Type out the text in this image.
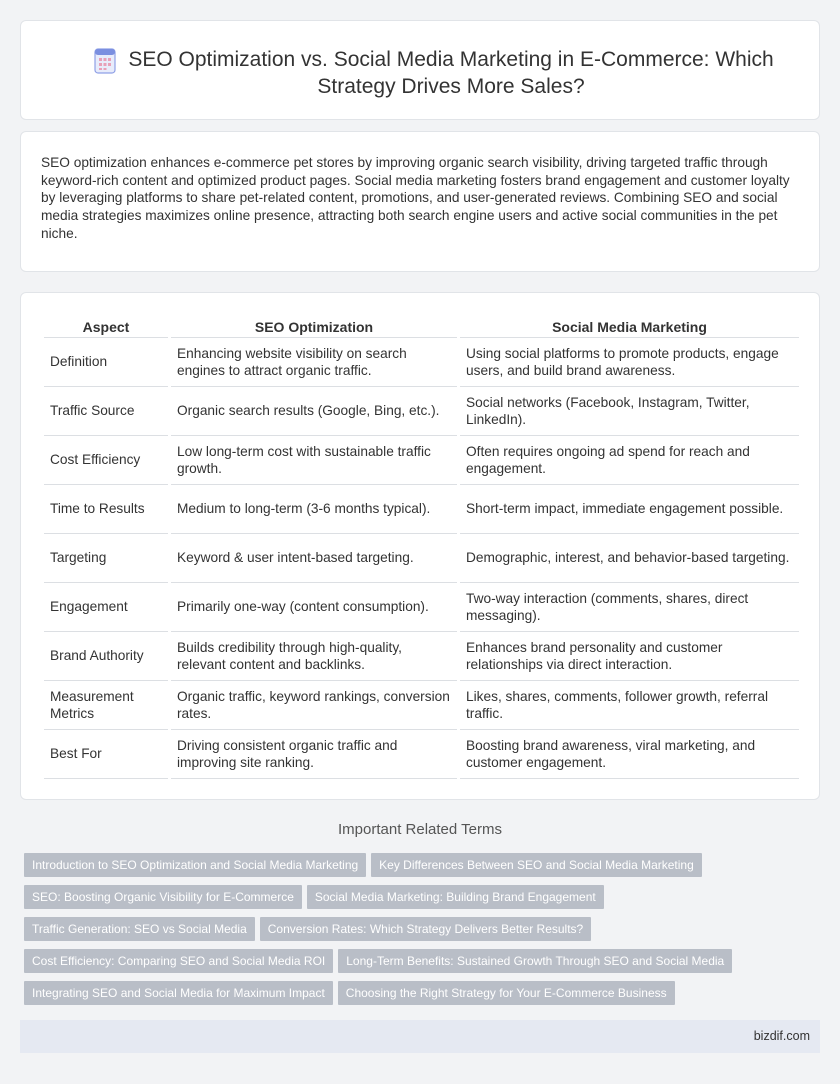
SEO Optimization vs. Social Media Marketing in E-Commerce: Which Strategy Drives More Sales?

SEO optimization enhances e-commerce pet stores by improving organic search visibility, driving targeted traffic through keyword-rich content and optimized product pages. Social media marketing fosters brand engagement and customer loyalty by leveraging platforms to share pet-related content, promotions, and user-generated reviews. Combining SEO and social media strategies maximizes online presence, attracting both search engine users and active social communities in the pet niche.

Aspect	SEO Optimization	Social Media Marketing
Definition	Enhancing website visibility on search engines to attract organic traffic.	Using social platforms to promote products, engage users, and build brand awareness.
Traffic Source	Organic search results (Google, Bing, etc.).	Social networks (Facebook, Instagram, Twitter, LinkedIn).
Cost Efficiency	Low long-term cost with sustainable traffic growth.	Often requires ongoing ad spend for reach and engagement.
Time to Results	Medium to long-term (3-6 months typical).	Short-term impact, immediate engagement possible.
Targeting	Keyword & user intent-based targeting.	Demographic, interest, and behavior-based targeting.
Engagement	Primarily one-way (content consumption).	Two-way interaction (comments, shares, direct messaging).
Brand Authority	Builds credibility through high-quality, relevant content and backlinks.	Enhances brand personality and customer relationships via direct interaction.
Measurement Metrics	Organic traffic, keyword rankings, conversion rates.	Likes, shares, comments, follower growth, referral traffic.
Best For	Driving consistent organic traffic and improving site ranking.	Boosting brand awareness, viral marketing, and customer engagement.
Important Related Terms
Introduction to SEO Optimization and Social Media Marketing Key Differences Between SEO and Social Media Marketing
SEO: Boosting Organic Visibility for E-Commerce Social Media Marketing: Building Brand Engagement
Traffic Generation: SEO vs Social Media Conversion Rates: Which Strategy Delivers Better Results?
Cost Efficiency: Comparing SEO and Social Media ROI Long-Term Benefits: Sustained Growth Through SEO and Social Media
Integrating SEO and Social Media for Maximum Impact Choosing the Right Strategy for Your E-Commerce Business
bizdif.com
